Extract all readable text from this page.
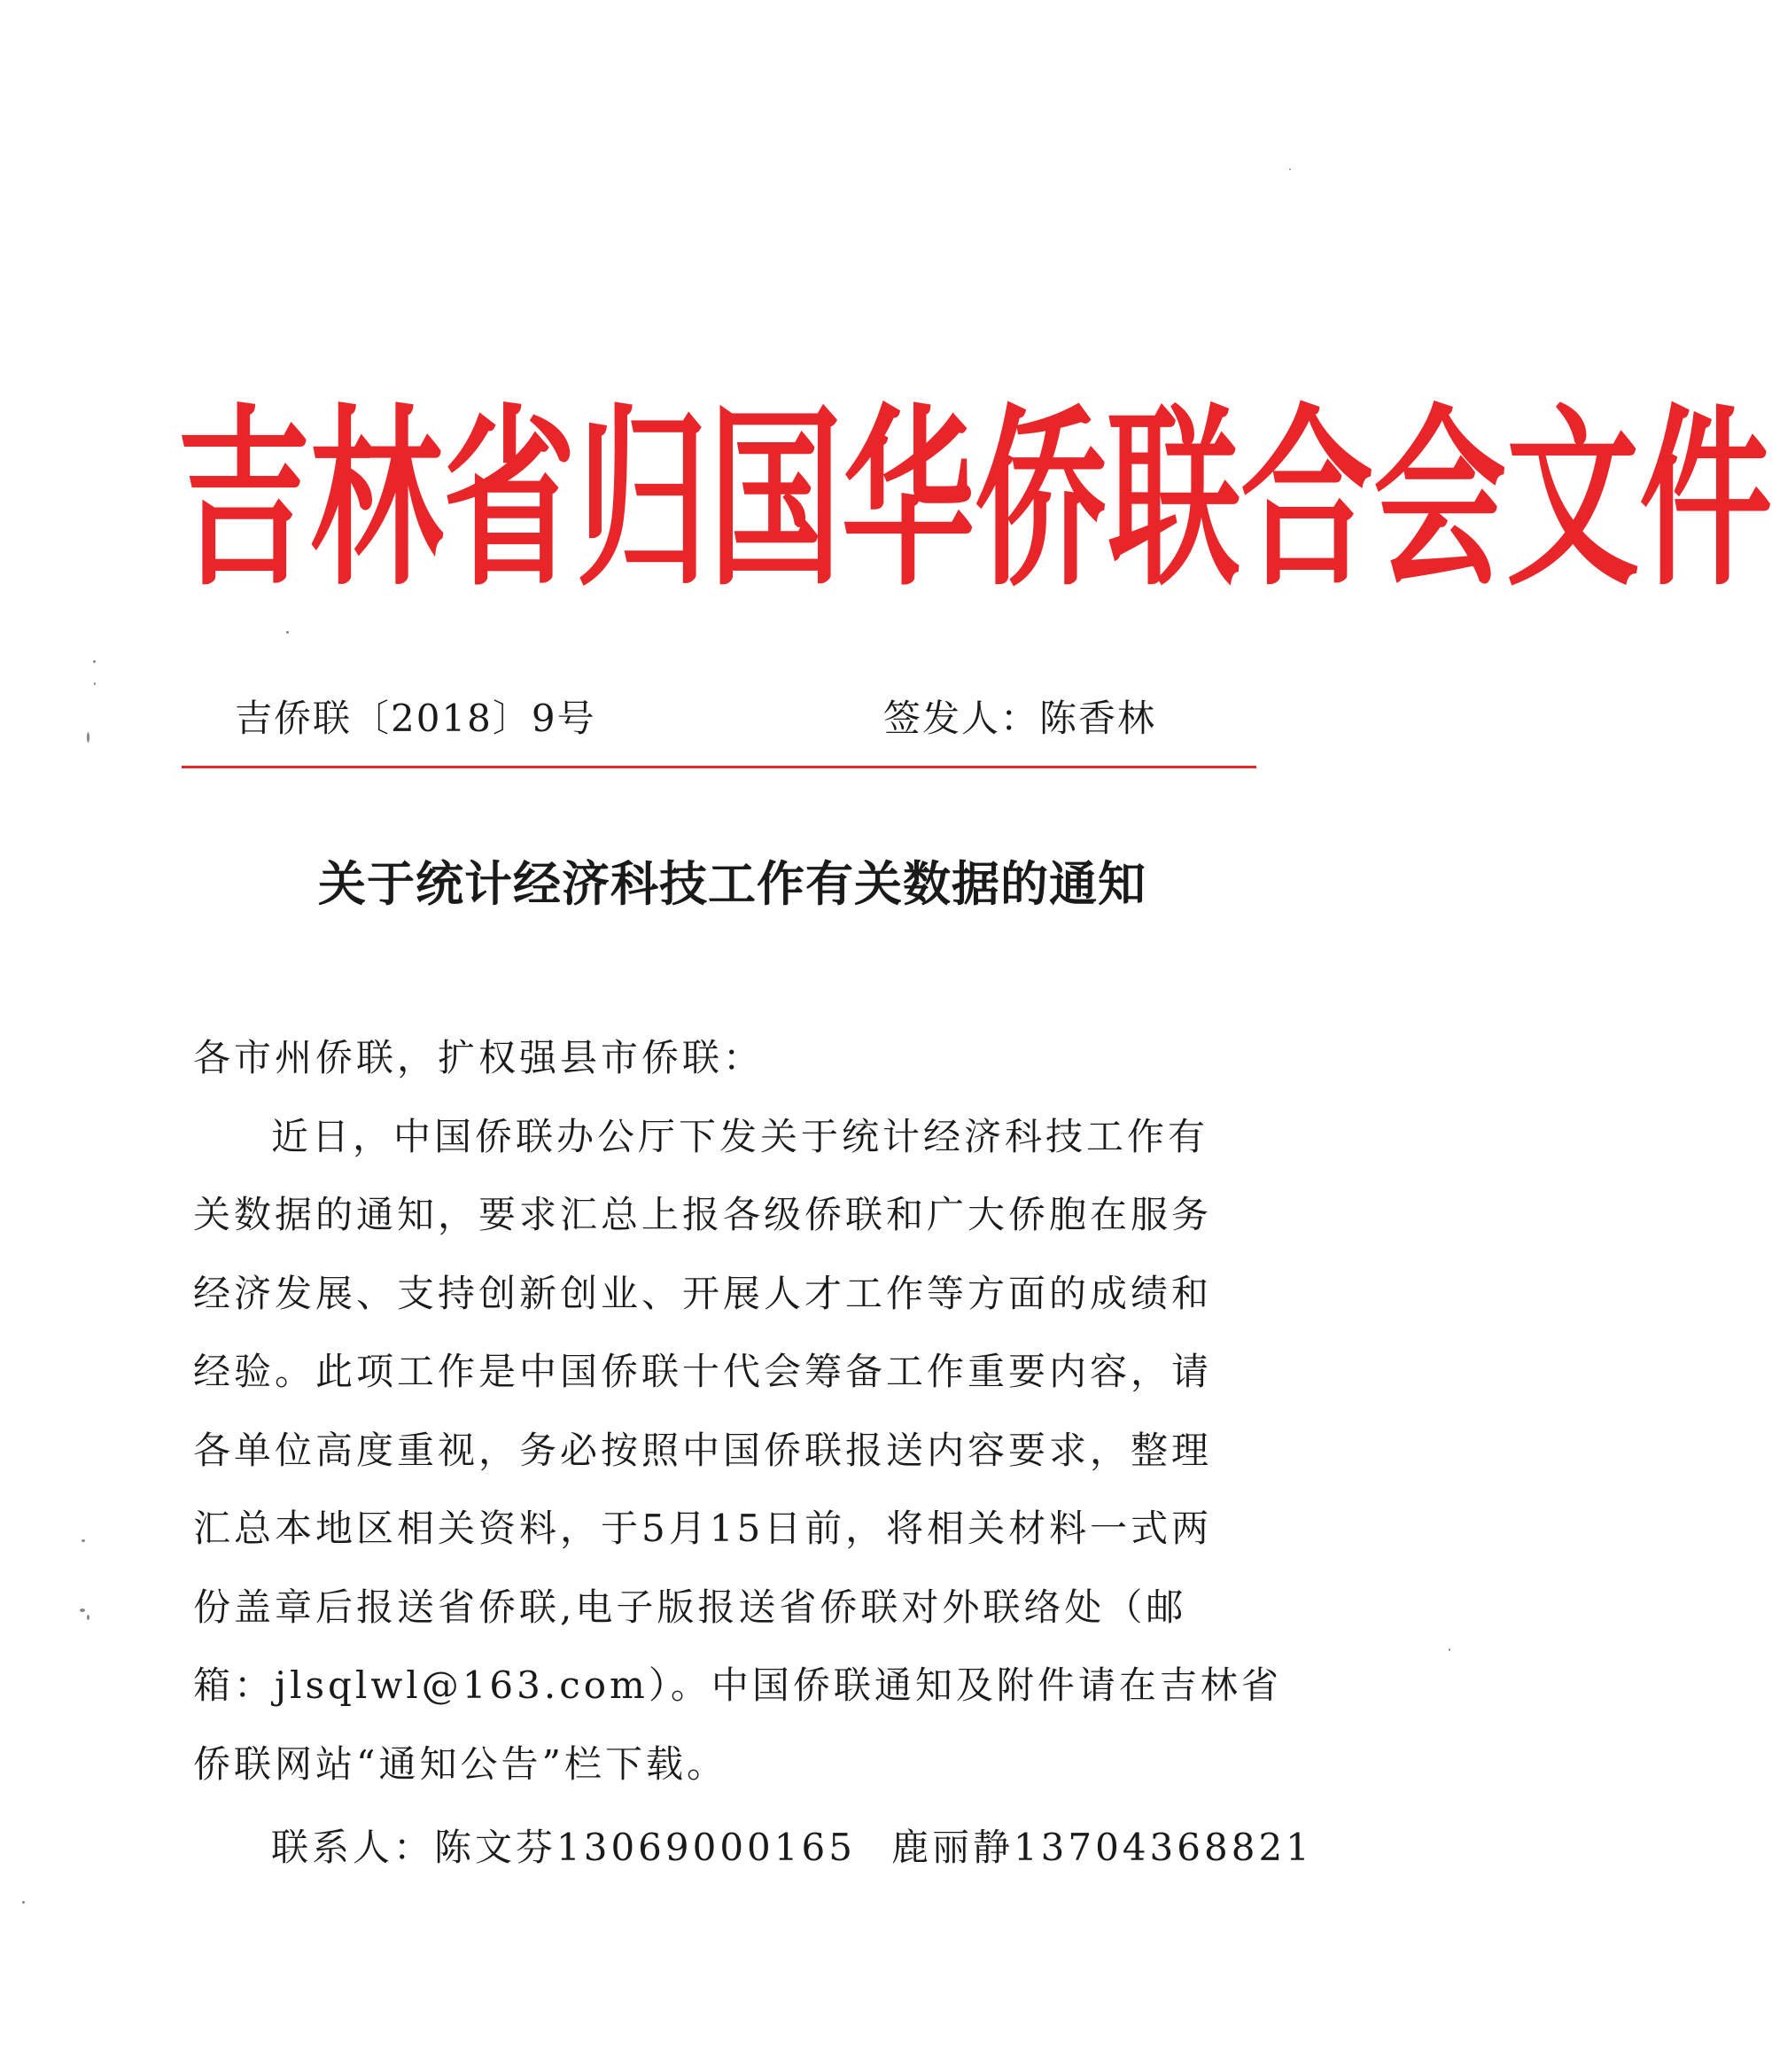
吉 林 省 归 国 华 侨 联 合 会 文 件
吉侨联〔2018〕9号	签发人：陈香林
关于统计经济科技工作有关数据的通知
各市州侨联，扩权强县市侨联：
近日，中国侨联办公厅下发关于统计经济科技工作有
关数据的通知，要求汇总上报各级侨联和广大侨胞在服务
经济发展、支持创新创业、开展人才工作等方面的成绩和
经验。此项工作是中国侨联十代会筹备工作重要内容，请
各单位高度重视，务必按照中国侨联报送内容要求，整理
汇总本地区相关资料，于5月15日前，将相关材料一式两
份盖章后报送省侨联,电子版报送省侨联对外联络处（邮
箱：jlsqlwl@163.com）。中国侨联通知及附件请在吉林省
侨联网站“通知公告”栏下载。
联系人：陈文芬13069000165 鹿丽静13704368821
